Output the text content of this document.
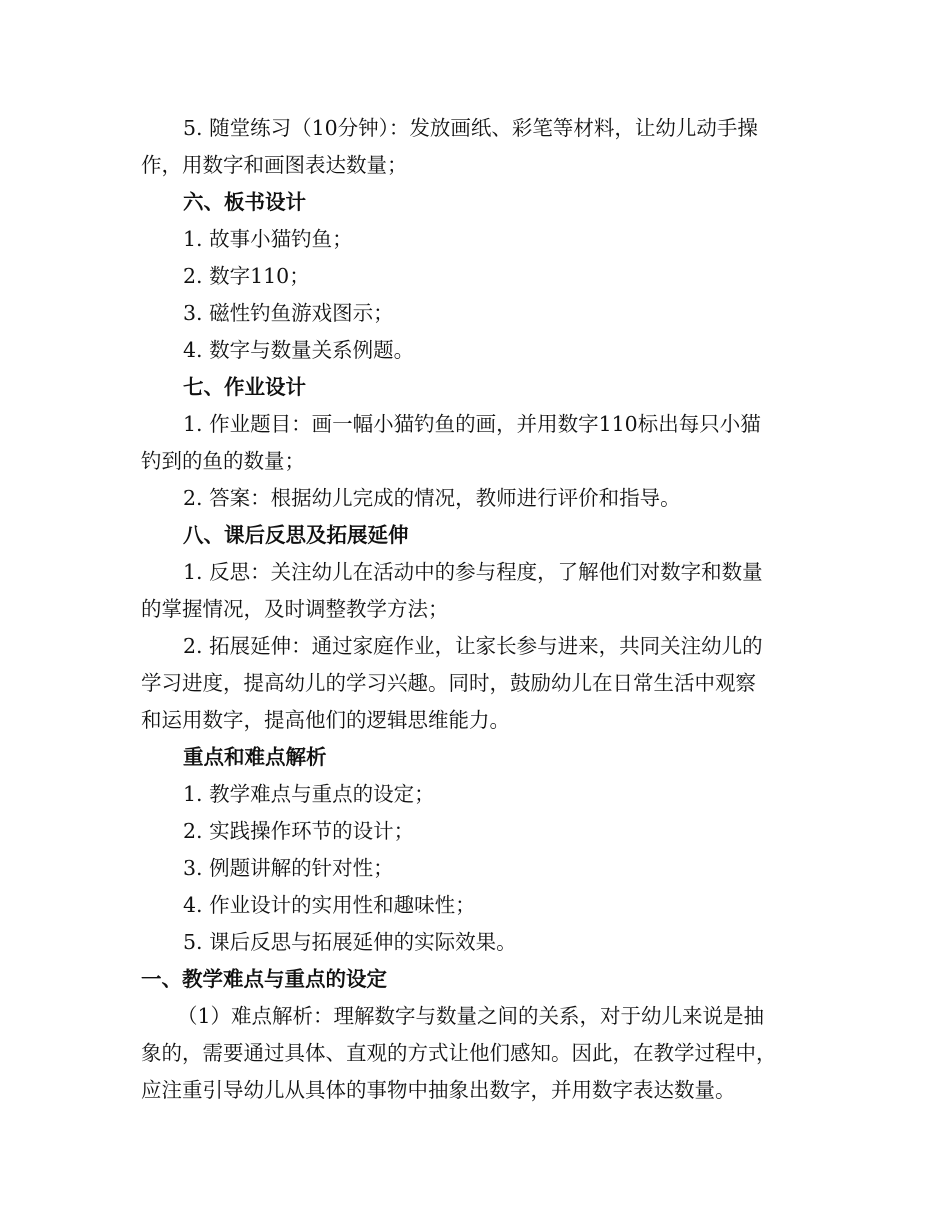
5. 随堂练习（10分钟）：发放画纸、彩笔等材料，让幼儿动手操
作，用数字和画图表达数量；
六、板书设计
1. 故事小猫钓鱼；
2. 数字110；
3. 磁性钓鱼游戏图示；
4. 数字与数量关系例题。
七、作业设计
1. 作业题目：画一幅小猫钓鱼的画，并用数字110标出每只小猫
钓到的鱼的数量；
2. 答案：根据幼儿完成的情况，教师进行评价和指导。
八、课后反思及拓展延伸
1. 反思：关注幼儿在活动中的参与程度，了解他们对数字和数量
的掌握情况，及时调整教学方法；
2. 拓展延伸：通过家庭作业，让家长参与进来，共同关注幼儿的
学习进度，提高幼儿的学习兴趣。同时，鼓励幼儿在日常生活中观察
和运用数字，提高他们的逻辑思维能力。
重点和难点解析
1. 教学难点与重点的设定；
2. 实践操作环节的设计；
3. 例题讲解的针对性；
4. 作业设计的实用性和趣味性；
5. 课后反思与拓展延伸的实际效果。
一、教学难点与重点的设定
（1）难点解析：理解数字与数量之间的关系，对于幼儿来说是抽
象的，需要通过具体、直观的方式让他们感知。因此，在教学过程中，
应注重引导幼儿从具体的事物中抽象出数字，并用数字表达数量。
